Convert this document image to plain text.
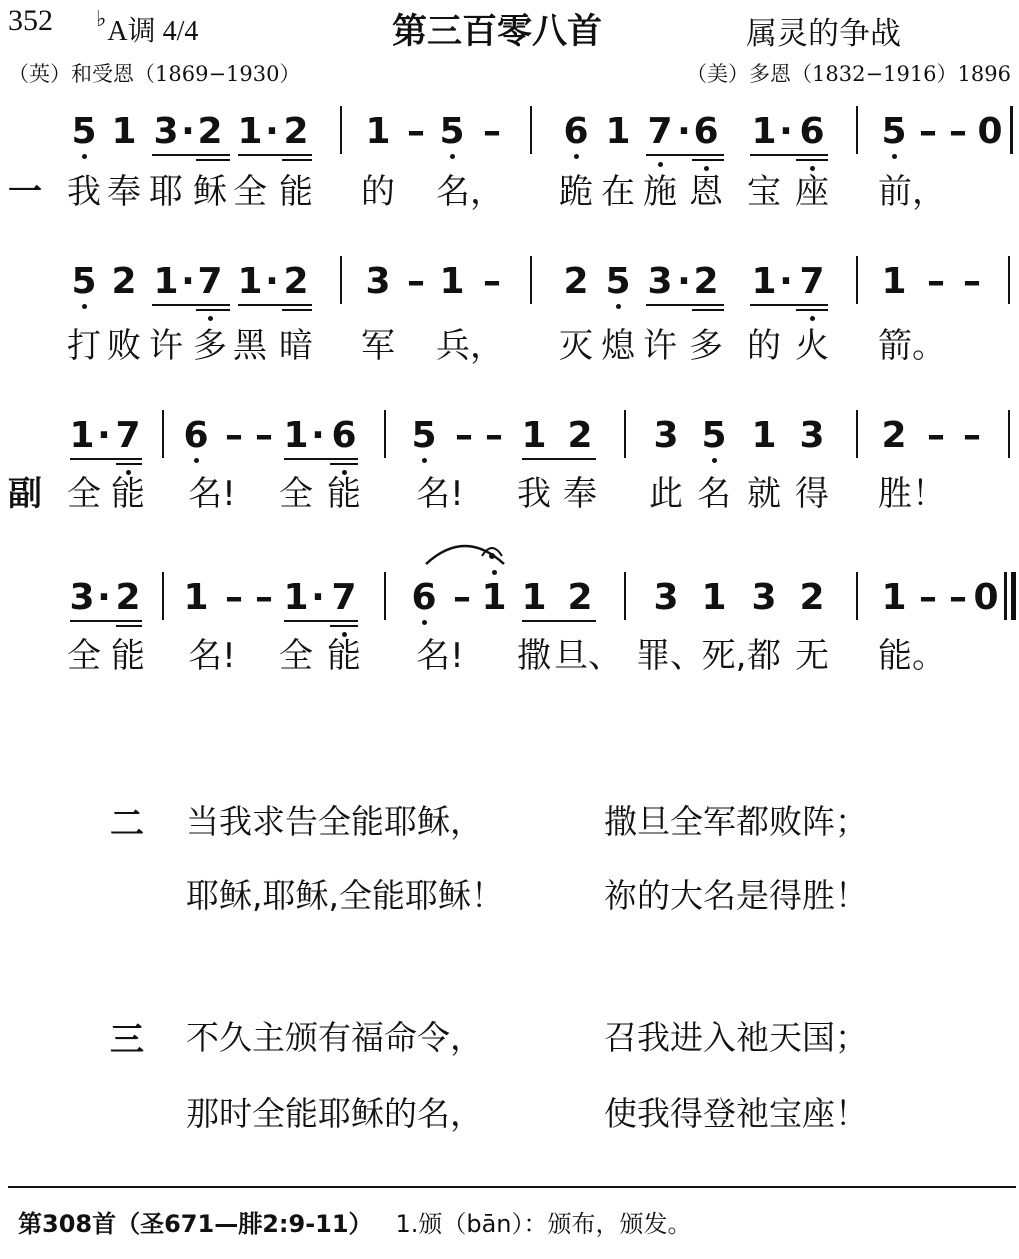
352 ♭A调 4/4	第三百零八首	属灵的争战
（英）和受恩（1869−1930）	（美）多恩（1832−1916）1896
5 1 3 · 2 1 · 2 1 – 5 – 6 1 7 · 6 1 · 6 5 – – 0
一 我 奉 耶 稣 全 能 的 名， 跪 在 施 恩 宝 座 前，
5 2 1 · 7 1 · 2 3 – 1 – 2 5 3 · 2 1 · 7 1 – –
打 败 许 多 黑 暗 军 兵， 灭 熄 许 多 的 火 箭。
1 · 7 6 – – 1 · 6 5 – – 1 2 3 5 1 3 2 – –
副 全 能 名! 全 能 名! 我 奉 此 名 就 得 胜！
3 · 2 1 – – 1 · 7 6 – 1 1 2 3 1 3 2 1 – – 0
全 能 名! 全 能 名! 撒 旦、 罪、
死, 都 无 能。
二 当我求告全能耶稣，	撒旦全军都败阵；
耶稣,耶稣,全能耶稣！	祢的大名是得胜！
三 不久主颁有福命令，	召我进入祂天国；
那时全能耶稣的名，	使我得登祂宝座！
第308首（圣671—腓2:9-11） 1.颁（bān）：颁布，颁发。
